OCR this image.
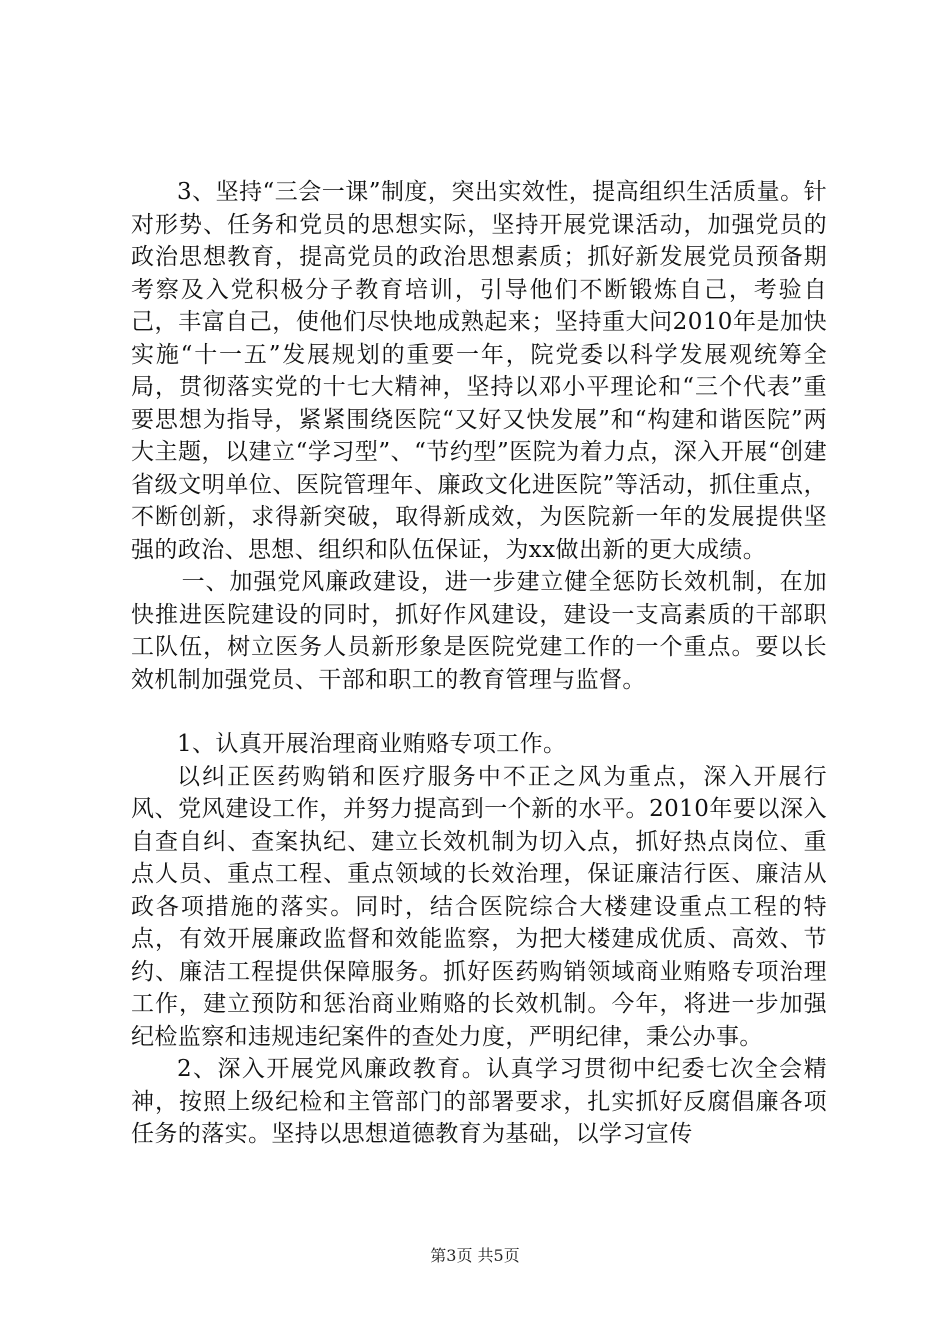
3、坚持“三会一课”制度，突出实效性，提高组织生活质量。针对形势、任务和党员的思想实际，坚持开展党课活动，加强党员的政治思想教育，提高党员的政治思想素质；抓好新发展党员预备期考察及入党积极分子教育培训，引导他们不断锻炼自己，考验自己，丰富自己，使他们尽快地成熟起来；坚持重大问2010年是加快实施“十一五”发展规划的重要一年，院党委以科学发展观统筹全局，贯彻落实党的十七大精神，坚持以邓小平理论和“三个代表”重要思想为指导，紧紧围绕医院“又好又快发展”和“构建和谐医院”两大主题，以建立“学习型”、“节约型”医院为着力点，深入开展“创建省级文明单位、医院管理年、廉政文化进医院”等活动，抓住重点，不断创新，求得新突破，取得新成效，为医院新一年的发展提供坚强的政治、思想、组织和队伍保证，为xx做出新的更大成绩。

一、加强党风廉政建设，进一步建立健全惩防长效机制，在加快推进医院建设的同时，抓好作风建设，建设一支高素质的干部职工队伍，树立医务人员新形象是医院党建工作的一个重点。要以长效机制加强党员、干部和职工的教育管理与监督。

1、认真开展治理商业贿赂专项工作。

以纠正医药购销和医疗服务中不正之风为重点，深入开展行风、党风建设工作，并努力提高到一个新的水平。2010年要以深入自查自纠、查案执纪、建立长效机制为切入点，抓好热点岗位、重点人员、重点工程、重点领域的长效治理，保证廉洁行医、廉洁从政各项措施的落实。同时，结合医院综合大楼建设重点工程的特点，有效开展廉政监督和效能监察，为把大楼建成优质、高效、节约、廉洁工程提供保障服务。抓好医药购销领域商业贿赂专项治理工作，建立预防和惩治商业贿赂的长效机制。今年，将进一步加强纪检监察和违规违纪案件的查处力度，严明纪律，秉公办事。

2、深入开展党风廉政教育。认真学习贯彻中纪委七次全会精神，按照上级纪检和主管部门的部署要求，扎实抓好反腐倡廉各项任务的落实。坚持以思想道德教育为基础，以学习宣传

第3页 共5页
